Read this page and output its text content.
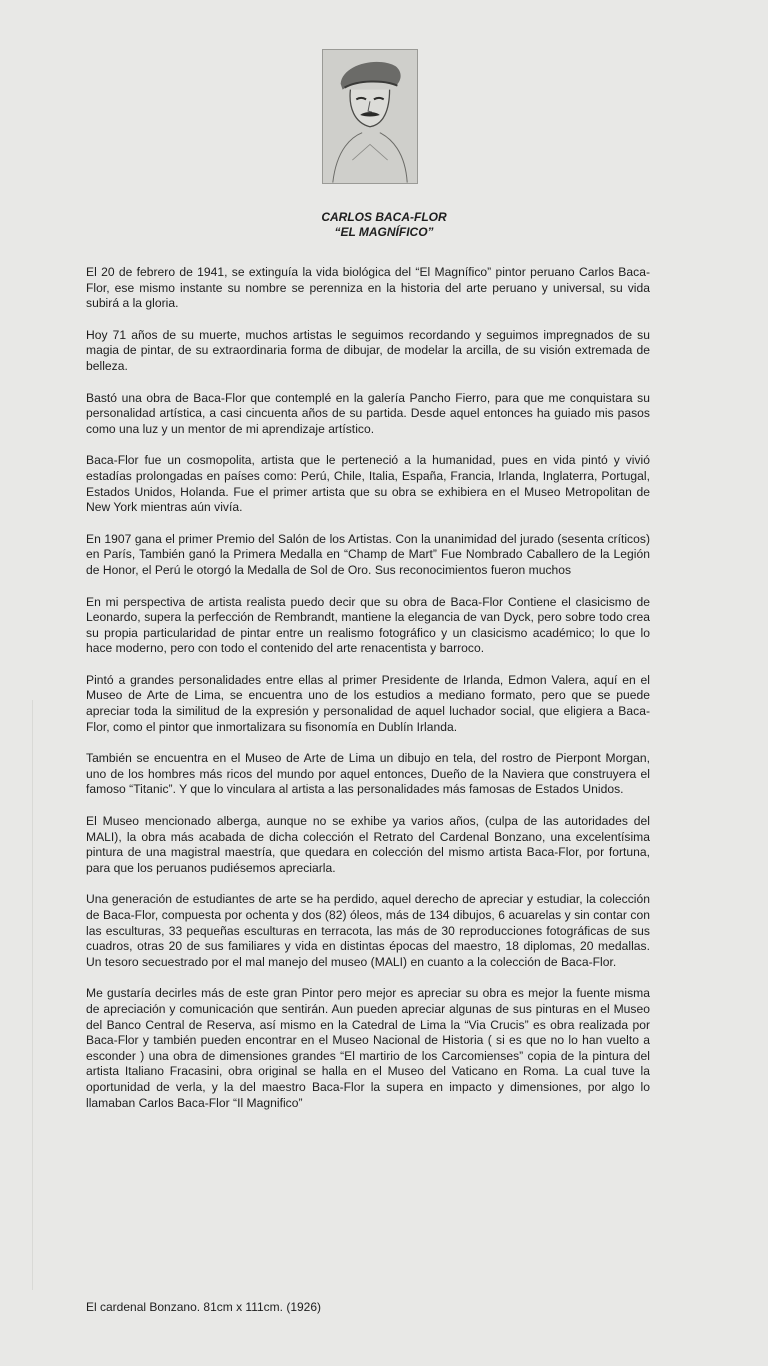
CARLOS BACA-FLOR
“EL MAGNÍFICO”

El 20 de febrero de 1941, se extinguía la vida biológica del “El Magnífico” pintor peruano Carlos Baca-Flor, ese mismo instante su nombre se perenniza en la historia del arte peruano y universal, su vida subirá a la gloria.

Hoy 71 años de su muerte, muchos artistas le seguimos recordando y seguimos impregnados de su magia de pintar, de su extraordinaria forma de dibujar, de modelar la arcilla, de su visión extremada de belleza.

Bastó una obra de Baca-Flor que contemplé en la galería Pancho Fierro, para que me conquistara su personalidad artística, a casi cincuenta años de su partida. Desde aquel entonces ha guiado mis pasos como una luz y un mentor de mi aprendizaje artístico.

Baca-Flor fue un cosmopolita, artista que le perteneció a la humanidad, pues en vida pintó y vivió estadías prolongadas en países como: Perú, Chile, Italia, España, Francia, Irlanda, Inglaterra, Portugal, Estados Unidos, Holanda. Fue el primer artista que su obra se exhibiera en el Museo Metropolitan de New York mientras aún vivía.

En 1907 gana el primer Premio del Salón de los Artistas. Con la unanimidad del jurado (sesenta críticos) en París, También ganó la Primera Medalla en “Champ de Mart” Fue Nombrado Caballero de la Legión de Honor, el Perú le otorgó la Medalla de Sol de Oro. Sus reconocimientos fueron muchos

En mi perspectiva de artista realista puedo decir que su obra de Baca-Flor Contiene el clasicismo de Leonardo, supera la perfección de Rembrandt, mantiene la elegancia de van Dyck, pero sobre todo crea su propia particularidad de pintar entre un realismo fotográfico y un clasicismo académico; lo que lo hace moderno, pero con todo el contenido del arte renacentista y barroco.

Pintó a grandes personalidades entre ellas al primer Presidente de Irlanda, Edmon Valera, aquí en el Museo de Arte de Lima, se encuentra uno de los estudios a mediano formato, pero que se puede apreciar toda la similitud de la expresión y personalidad de aquel luchador social, que eligiera a Baca-Flor, como el pintor que inmortalizara su fisonomía en Dublín Irlanda.

También se encuentra en el Museo de Arte de Lima un dibujo en tela, del rostro de Pierpont Morgan, uno de los hombres más ricos del mundo por aquel entonces, Dueño de la Naviera que construyera el famoso “Titanic”. Y que lo vinculara al artista a las personalidades más famosas de Estados Unidos.

El Museo mencionado alberga, aunque no se exhibe ya varios años, (culpa de las autoridades del MALI), la obra más acabada de dicha colección el Retrato del Cardenal Bonzano, una excelentísima pintura de una magistral maestría, que quedara en colección del mismo artista Baca-Flor, por fortuna, para que los peruanos pudiésemos apreciarla.

Una generación de estudiantes de arte se ha perdido, aquel derecho de apreciar y estudiar, la colección de Baca-Flor, compuesta por ochenta y dos (82) óleos, más de 134 dibujos, 6 acuarelas y sin contar con las esculturas, 33 pequeñas esculturas en terracota, las más de 30 reproducciones fotográficas de sus cuadros, otras 20 de sus familiares y vida en distintas épocas del maestro, 18 diplomas, 20 medallas. Un tesoro secuestrado por el mal manejo del museo (MALI) en cuanto a la colección de Baca-Flor.

Me gustaría decirles más de este gran Pintor pero mejor es apreciar su obra es mejor la fuente misma de apreciación y comunicación que sentirán. Aun pueden apreciar algunas de sus pinturas en el Museo del Banco Central de Reserva, así mismo en la Catedral de Lima la “Via Crucis” es obra realizada por Baca-Flor y también pueden encontrar en el Museo Nacional de Historia ( si es que no lo han vuelto a esconder ) una obra de dimensiones grandes “El martirio de los Carcomienses” copia de la pintura del artista Italiano Fracasini, obra original se halla en el Museo del Vaticano en Roma. La cual tuve la oportunidad de verla, y la del maestro Baca-Flor la supera en impacto y dimensiones, por algo lo llamaban Carlos Baca-Flor “Il Magnifico”

El cardenal Bonzano. 81cm x 111cm. (1926)
